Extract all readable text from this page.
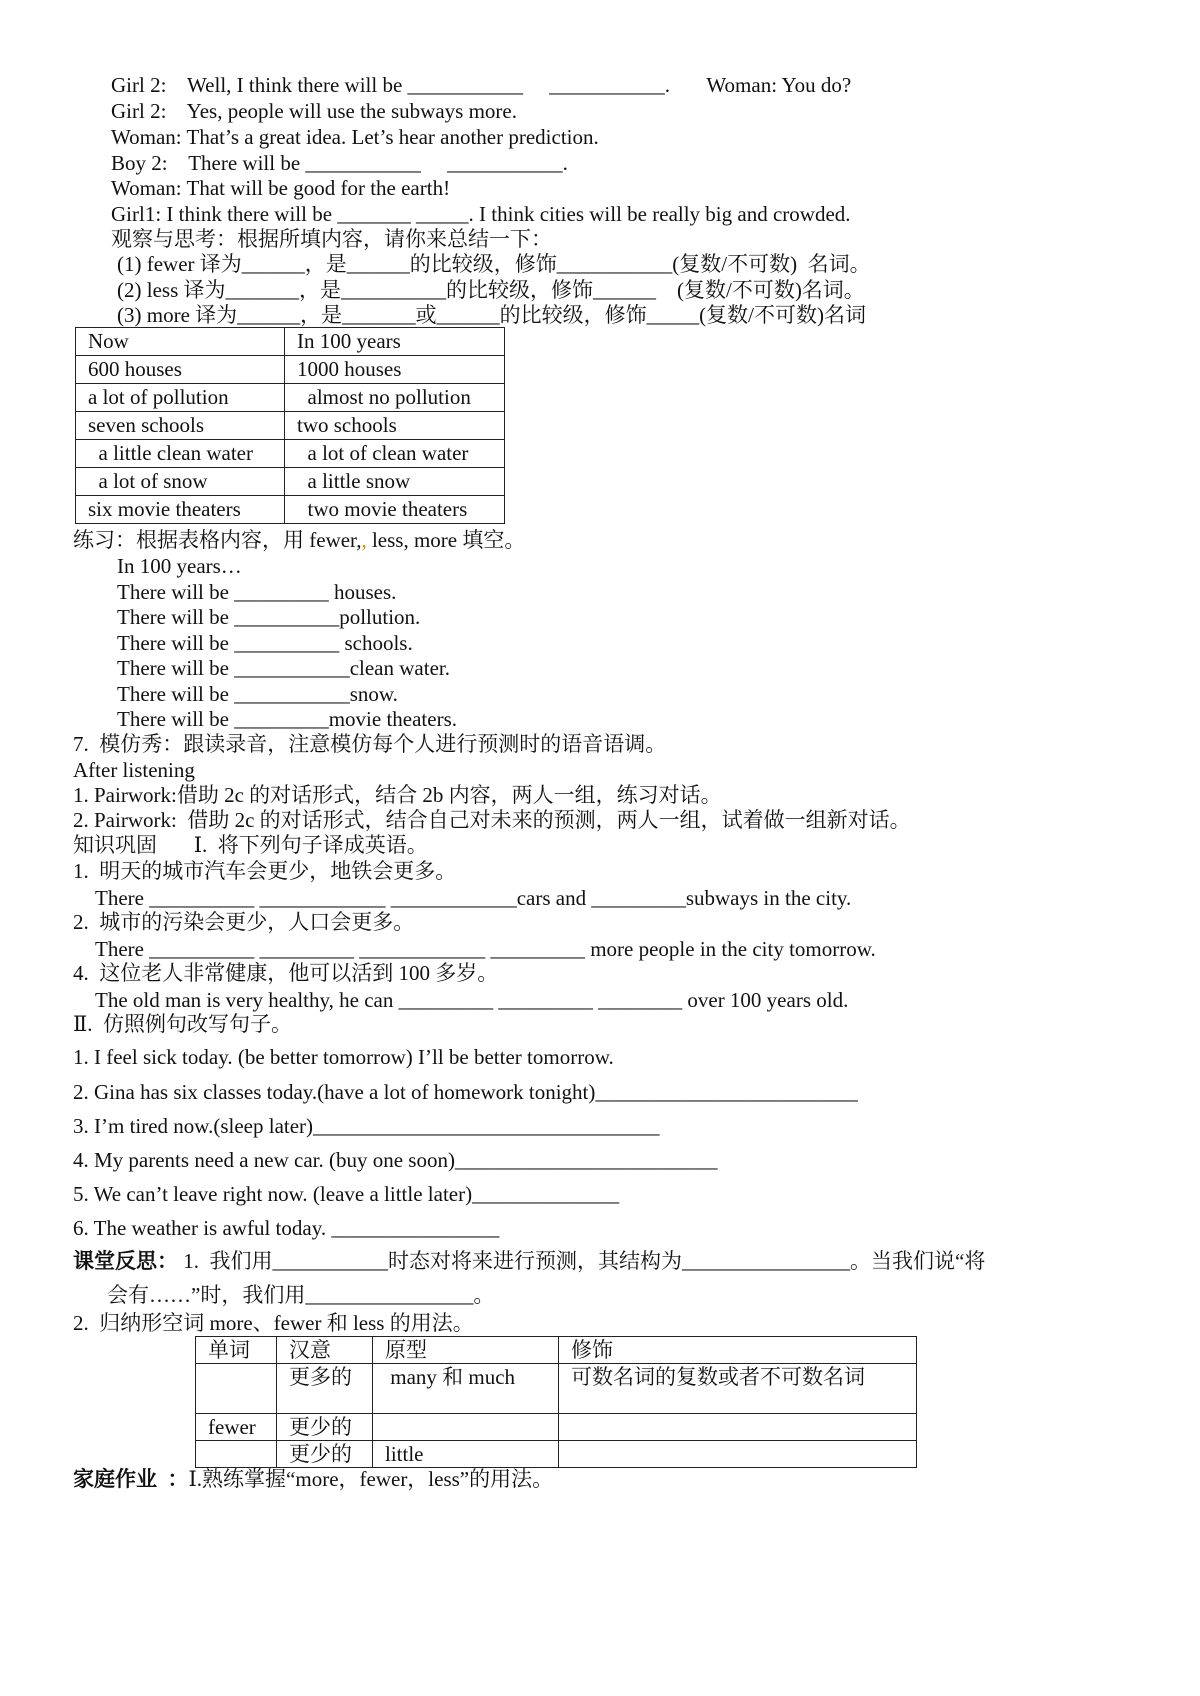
Girl 2:    Well, I think there will be ___________     ___________.       Woman: You do?
Girl 2:    Yes, people will use the subways more.
Woman: That’s a great idea. Let’s hear another prediction.
Boy 2:    There will be ___________     ___________.
Woman: That will be good for the earth!
Girl1: I think there will be _______ _____. I think cities will be really big and crowded.
观察与思考：根据所填内容，请你来总结一下：
(1) fewer 译为______，是______的比较级，修饰___________(复数/不可数)  名词。
(2) less 译为_______，是__________的比较级，修饰______    (复数/不可数)名词。
(3) more 译为______，是_______或______的比较级，修饰_____(复数/不可数)名词
Now	In 100 years
600 houses	1000 houses
a lot of pollution	almost no pollution
seven schools	two schools
a little clean water	a lot of clean water
a lot of snow	a little snow
six movie theaters	two movie theaters
练习：根据表格内容，用 fewer,, less, more 填空。
In 100 years…
There will be _________ houses.
There will be __________pollution.
There will be __________ schools.
There will be ___________clean water.
There will be ___________snow.
There will be _________movie theaters.
7.  模仿秀：跟读录音，注意模仿每个人进行预测时的语音语调。
After listening
1. Pairwork:借助 2c 的对话形式，结合 2b 内容，两人一组，练习对话。
2. Pairwork:  借助 2c 的对话形式，结合自己对未来的预测，两人一组，试着做一组新对话。
知识巩固       Ⅰ.  将下列句子译成英语。
1.  明天的城市汽车会更少，地铁会更多。
There __________ ____________ ____________cars and _________subways in the city.
2.  城市的污染会更少，人口会更多。
There __________ _________ ____________ _________ more people in the city tomorrow.
4.  这位老人非常健康，他可以活到 100 多岁。
The old man is very healthy, he can _________ _________ ________ over 100 years old.
Ⅱ.  仿照例句改写句子。
1. I feel sick today. (be better tomorrow) I’ll be better tomorrow.
2. Gina has six classes today.(have a lot of homework tonight)_________________________
3. I’m tired now.(sleep later)_________________________________
4. My parents need a new car. (buy one soon)_________________________
5. We can’t leave right now. (leave a little later)______________
6. The weather is awful today. ________________
课堂反思： 1.  我们用___________时态对将来进行预测，其结构为________________。当我们说“将
会有……”时，我们用________________。
2.  归纳形空词 more、fewer 和 less 的用法。
单词	汉意	原型	修饰
	更多的	many 和 much	可数名词的复数或者不可数名词
fewer	更少的		
	更少的	little	
家庭作业  ：Ⅰ.熟练掌握“more，fewer，less”的用法。
